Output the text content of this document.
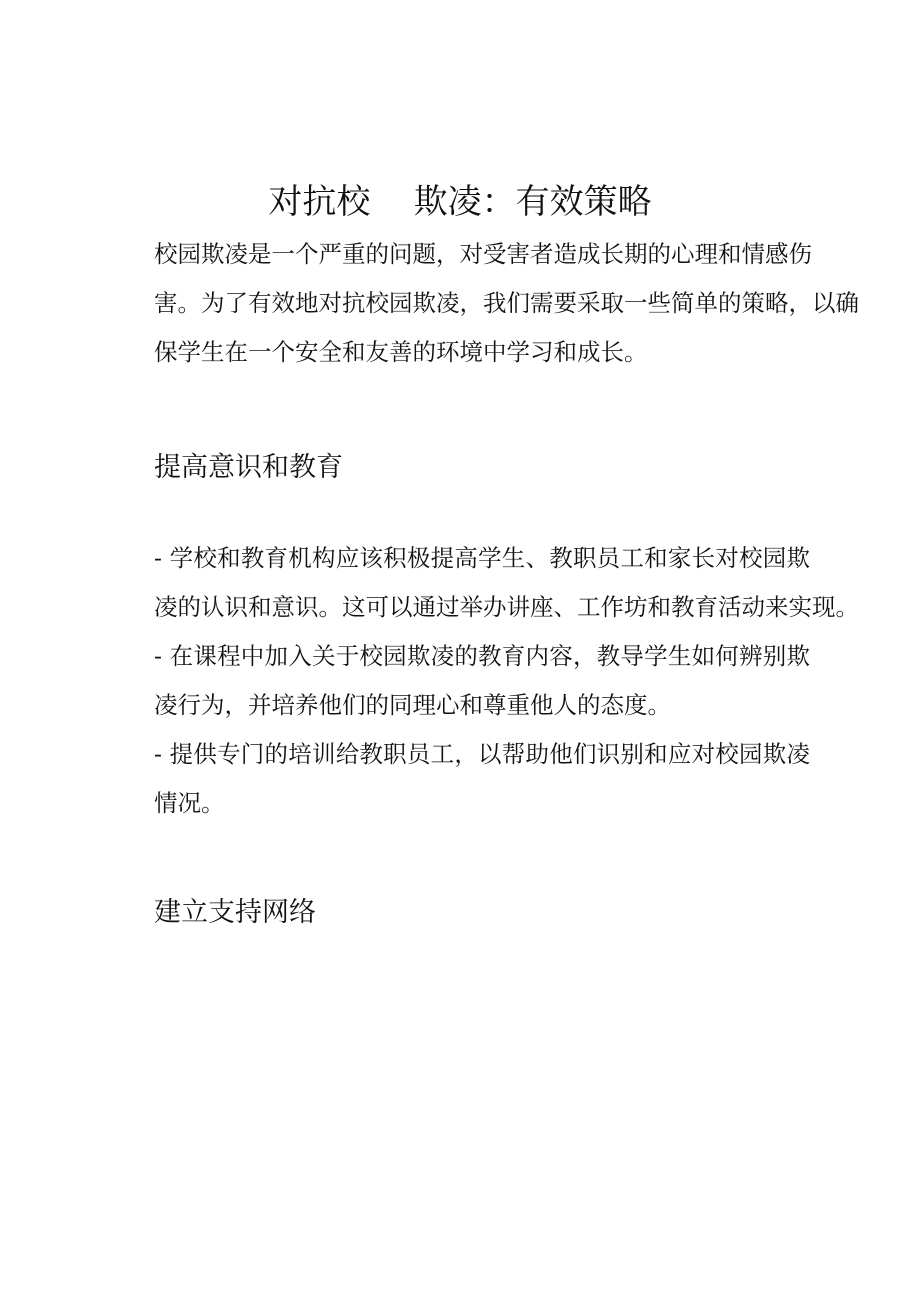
对抗校    欺凌：有效策略

校园欺凌是一个严重的问题，对受害者造成长期的心理和情感伤
害。为了有效地对抗校园欺凌，我们需要采取一些简单的策略，以确
保学生在一个安全和友善的环境中学习和成长。

提高意识和教育

- 学校和教育机构应该积极提高学生、教职员工和家长对校园欺
凌的认识和意识。这可以通过举办讲座、工作坊和教育活动来实现。

- 在课程中加入关于校园欺凌的教育内容，教导学生如何辨别欺
凌行为，并培养他们的同理心和尊重他人的态度。

- 提供专门的培训给教职员工，以帮助他们识别和应对校园欺凌
情况。

建立支持网络
